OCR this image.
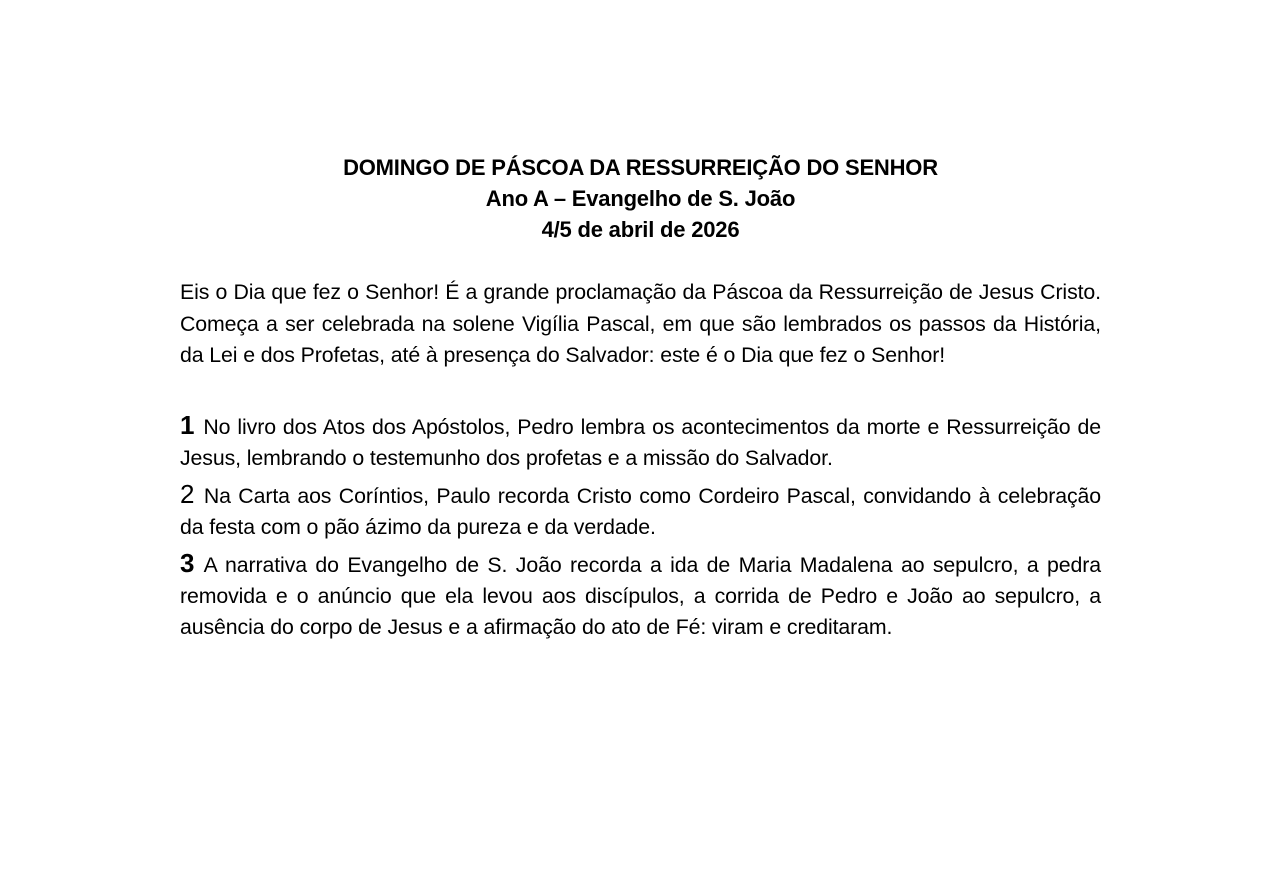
DOMINGO DE PÁSCOA DA RESSURREIÇÃO DO SENHOR
Ano A – Evangelho de S. João
4/5 de abril de 2026

Eis o Dia que fez o Senhor! É a grande proclamação da Páscoa da Ressurreição de Jesus Cristo. Começa a ser celebrada na solene Vigília Pascal, em que são lembrados os passos da História, da Lei e dos Profetas, até à presença do Salvador: este é o Dia que fez o Senhor!

1 No livro dos Atos dos Apóstolos, Pedro lembra os acontecimentos da morte e Ressurreição de Jesus, lembrando o testemunho dos profetas e a missão do Salvador.
2 Na Carta aos Coríntios, Paulo recorda Cristo como Cordeiro Pascal, convidando à celebração da festa com o pão ázimo da pureza e da verdade.
3 A narrativa do Evangelho de S. João recorda a ida de Maria Madalena ao sepulcro, a pedra removida e o anúncio que ela levou aos discípulos, a corrida de Pedro e João ao sepulcro, a ausência do corpo de Jesus e a afirmação do ato de Fé: viram e creditaram.
